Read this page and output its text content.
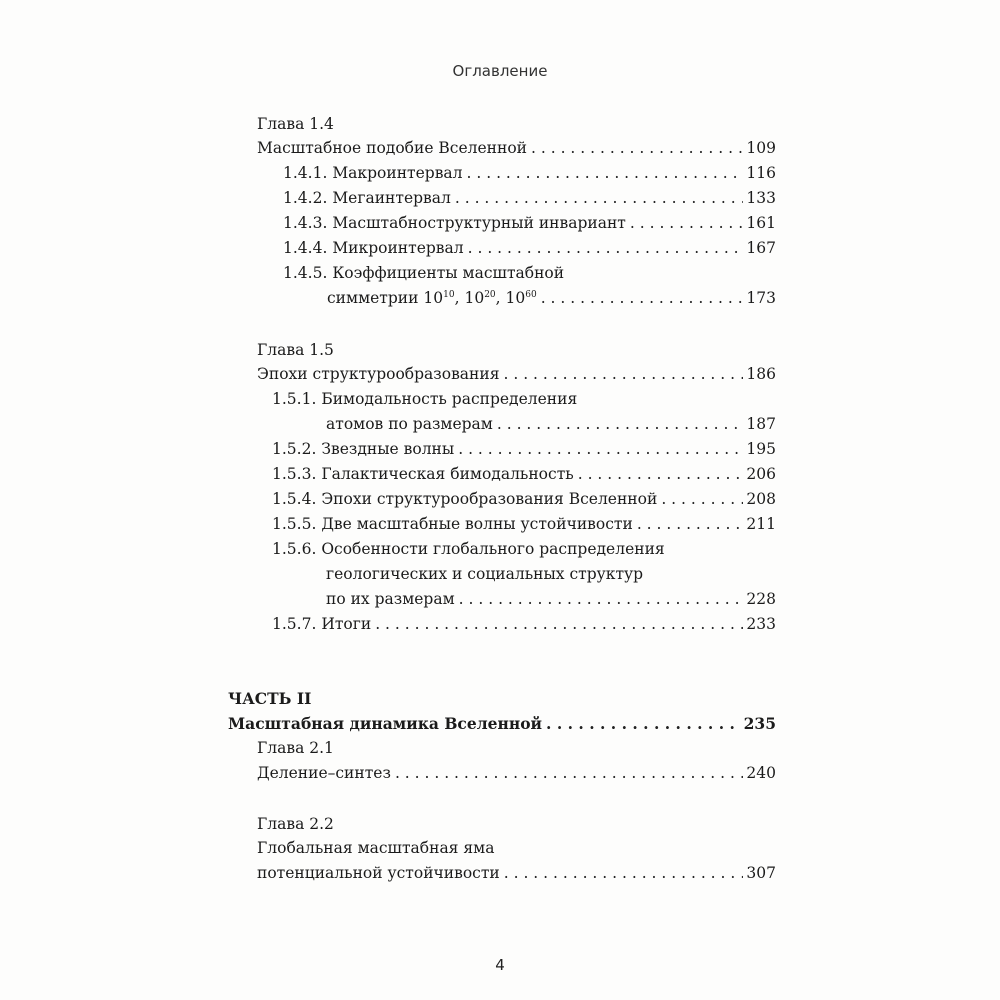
Оглавление
Глава 1.4
Масштабное подобие Вселенной . . .	109
1.4.1. Макроинтервал . . .	116
1.4.2. Мегаинтервал . . .	133
1.4.3. Масштабноструктурный инвариант . . .	161
1.4.4. Микроинтервал . . .	167
1.4.5. Коэффициенты масштабной
симметрии $10^{10}$, $10^{20}$, $10^{60}$ . . .	173
Глава 1.5
Эпохи структурообразования . . .	186
1.5.1. Бимодальность распределения
атомов по размерам . . .	187
1.5.2. Звездные волны . . .	195
1.5.3. Галактическая бимодальность . . .	206
1.5.4. Эпохи структурообразования Вселенной . . .	208
1.5.5. Две масштабные волны устойчивости . . .	211
1.5.6. Особенности глобального распределения
геологических и социальных структур
по их размерам . . .	228
1.5.7. Итоги . . .	233
ЧАСТЬ II
Масштабная динамика Вселенной . . .	235
Глава 2.1
Деление–синтез . . .	240
Глава 2.2
Глобальная масштабная яма
потенциальной устойчивости . . .	307
4
